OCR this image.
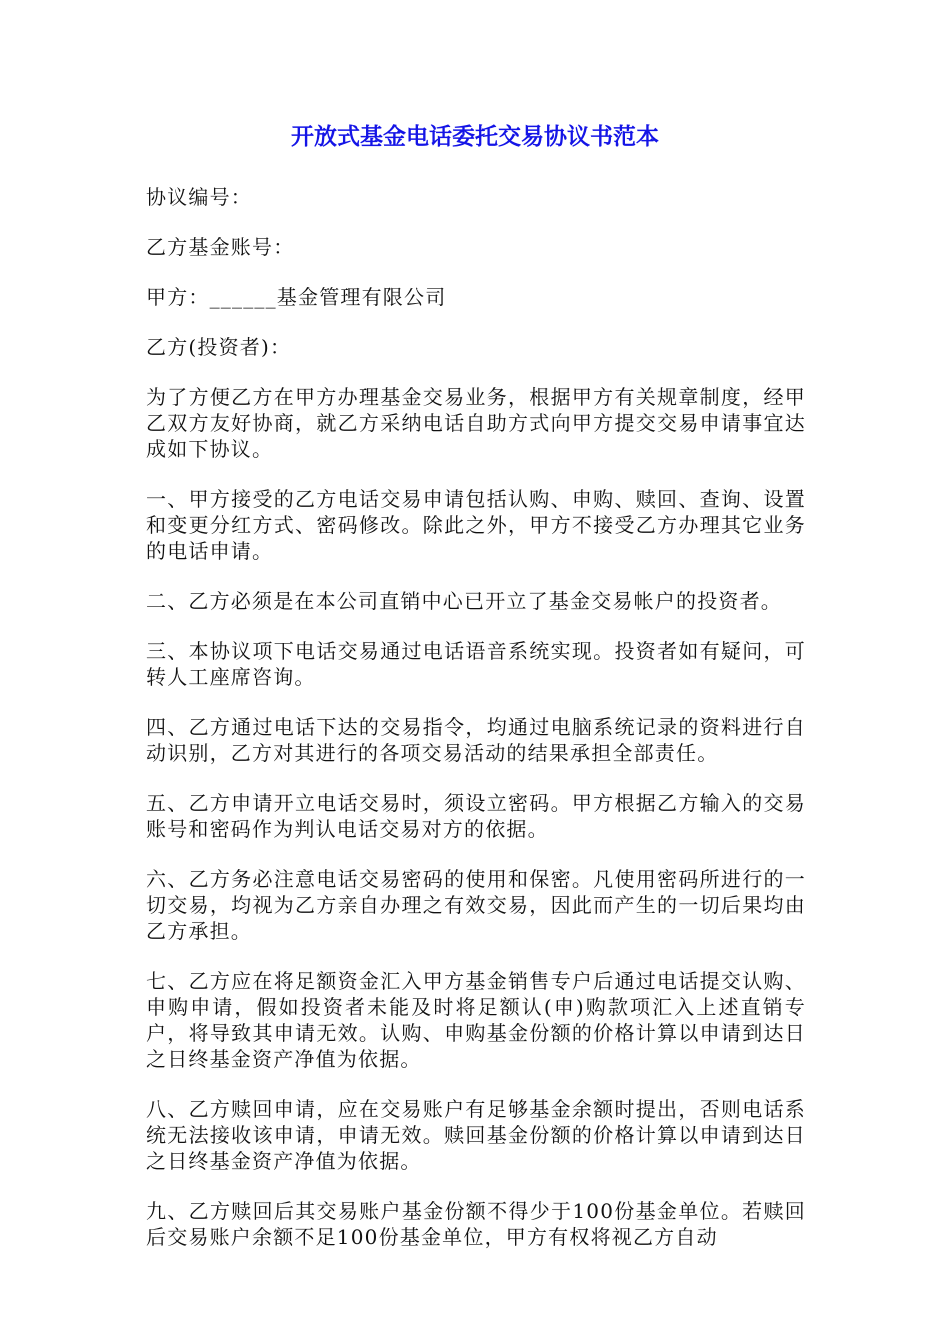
开放式基金电话委托交易协议书范本

协议编号：

乙方基金账号：

甲方：______基金管理有限公司

乙方(投资者)：

为了方便乙方在甲方办理基金交易业务，根据甲方有关规章制度，经甲乙双方友好协商，就乙方采纳电话自助方式向甲方提交交易申请事宜达成如下协议。

一、甲方接受的乙方电话交易申请包括认购、申购、赎回、查询、设置和变更分红方式、密码修改。除此之外，甲方不接受乙方办理其它业务的电话申请。

二、乙方必须是在本公司直销中心已开立了基金交易帐户的投资者。

三、本协议项下电话交易通过电话语音系统实现。投资者如有疑问，可转人工座席咨询。

四、乙方通过电话下达的交易指令，均通过电脑系统记录的资料进行自动识别，乙方对其进行的各项交易活动的结果承担全部责任。

五、乙方申请开立电话交易时，须设立密码。甲方根据乙方输入的交易账号和密码作为判认电话交易对方的依据。

六、乙方务必注意电话交易密码的使用和保密。凡使用密码所进行的一切交易，均视为乙方亲自办理之有效交易，因此而产生的一切后果均由乙方承担。

七、乙方应在将足额资金汇入甲方基金销售专户后通过电话提交认购、申购申请，假如投资者未能及时将足额认(申)购款项汇入上述直销专户，将导致其申请无效。认购、申购基金份额的价格计算以申请到达日之日终基金资产净值为依据。

八、乙方赎回申请，应在交易账户有足够基金余额时提出，否则电话系统无法接收该申请，申请无效。赎回基金份额的价格计算以申请到达日之日终基金资产净值为依据。

九、乙方赎回后其交易账户基金份额不得少于100份基金单位。若赎回后交易账户余额不足100份基金单位，甲方有权将视乙方自动
